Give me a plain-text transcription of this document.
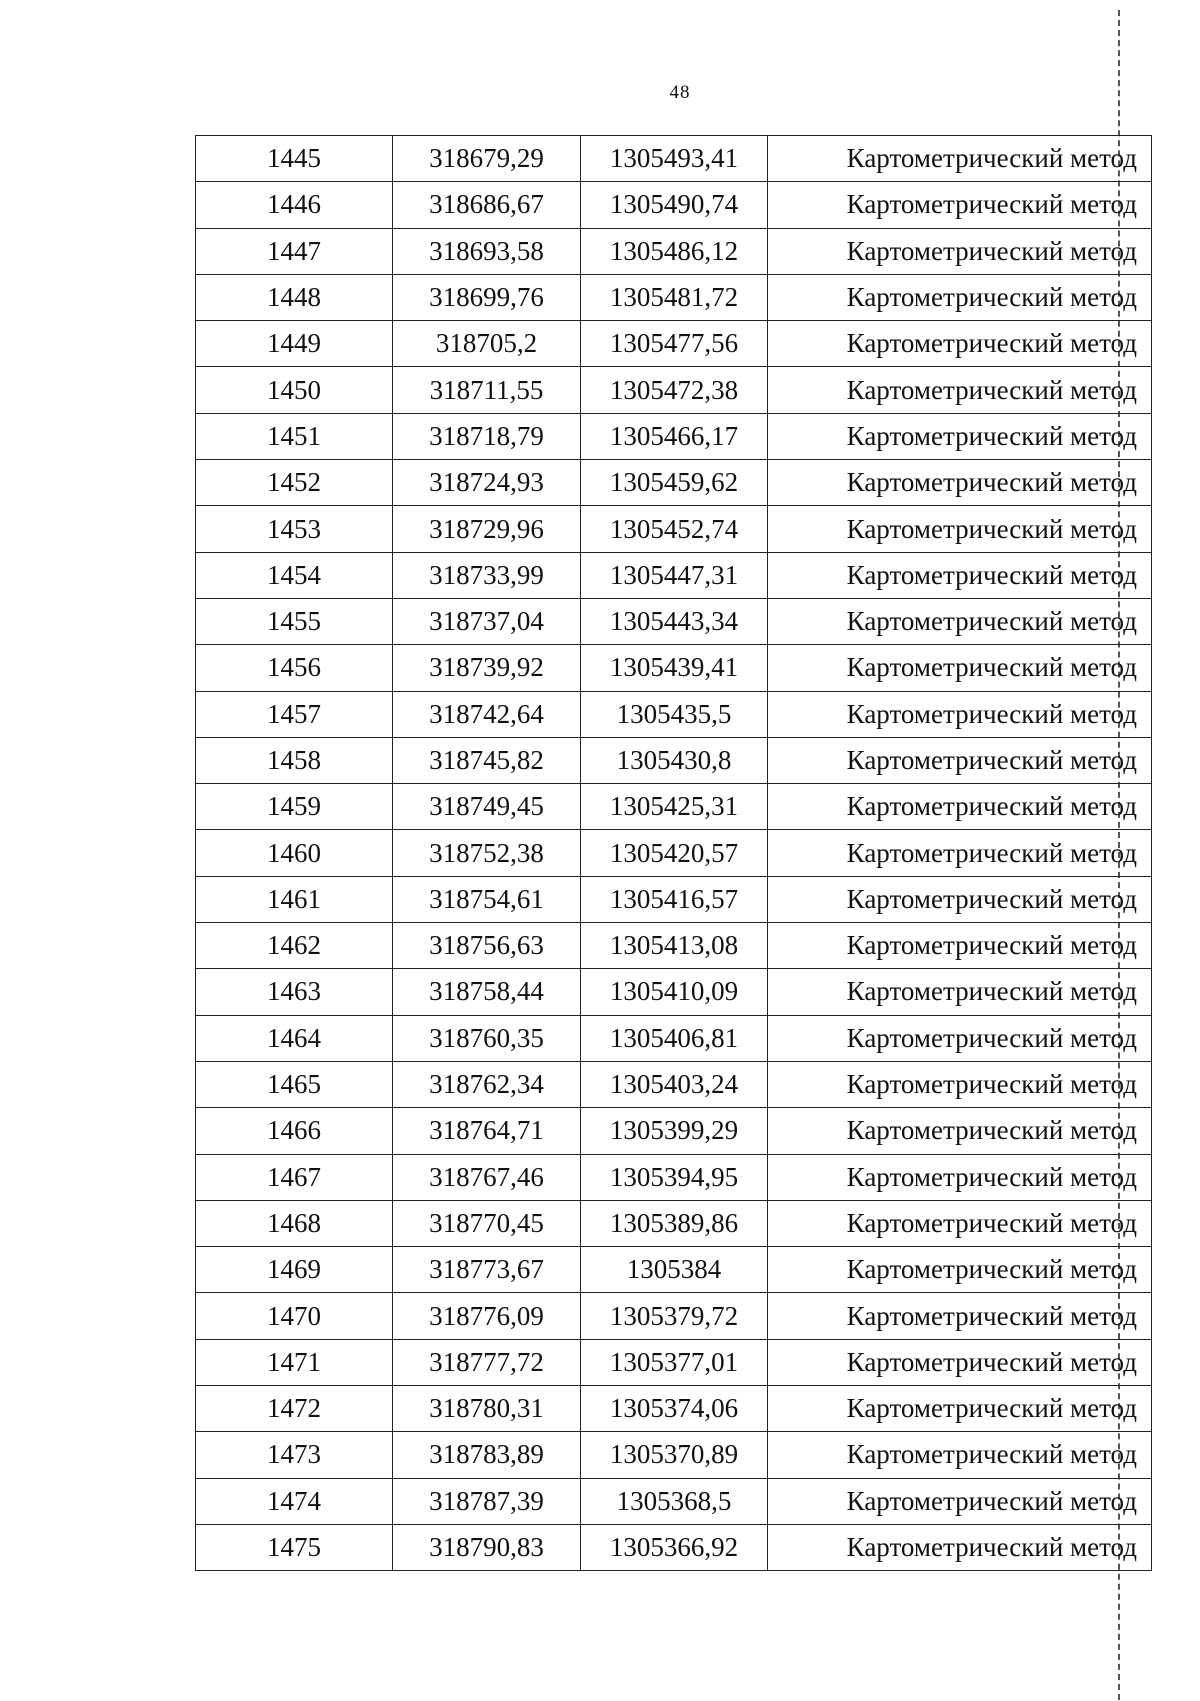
48
1445	318679,29	1305493,41	Картометрический метод
1446	318686,67	1305490,74	Картометрический метод
1447	318693,58	1305486,12	Картометрический метод
1448	318699,76	1305481,72	Картометрический метод
1449	318705,2	1305477,56	Картометрический метод
1450	318711,55	1305472,38	Картометрический метод
1451	318718,79	1305466,17	Картометрический метод
1452	318724,93	1305459,62	Картометрический метод
1453	318729,96	1305452,74	Картометрический метод
1454	318733,99	1305447,31	Картометрический метод
1455	318737,04	1305443,34	Картометрический метод
1456	318739,92	1305439,41	Картометрический метод
1457	318742,64	1305435,5	Картометрический метод
1458	318745,82	1305430,8	Картометрический метод
1459	318749,45	1305425,31	Картометрический метод
1460	318752,38	1305420,57	Картометрический метод
1461	318754,61	1305416,57	Картометрический метод
1462	318756,63	1305413,08	Картометрический метод
1463	318758,44	1305410,09	Картометрический метод
1464	318760,35	1305406,81	Картометрический метод
1465	318762,34	1305403,24	Картометрический метод
1466	318764,71	1305399,29	Картометрический метод
1467	318767,46	1305394,95	Картометрический метод
1468	318770,45	1305389,86	Картометрический метод
1469	318773,67	1305384	Картометрический метод
1470	318776,09	1305379,72	Картометрический метод
1471	318777,72	1305377,01	Картометрический метод
1472	318780,31	1305374,06	Картометрический метод
1473	318783,89	1305370,89	Картометрический метод
1474	318787,39	1305368,5	Картометрический метод
1475	318790,83	1305366,92	Картометрический метод
